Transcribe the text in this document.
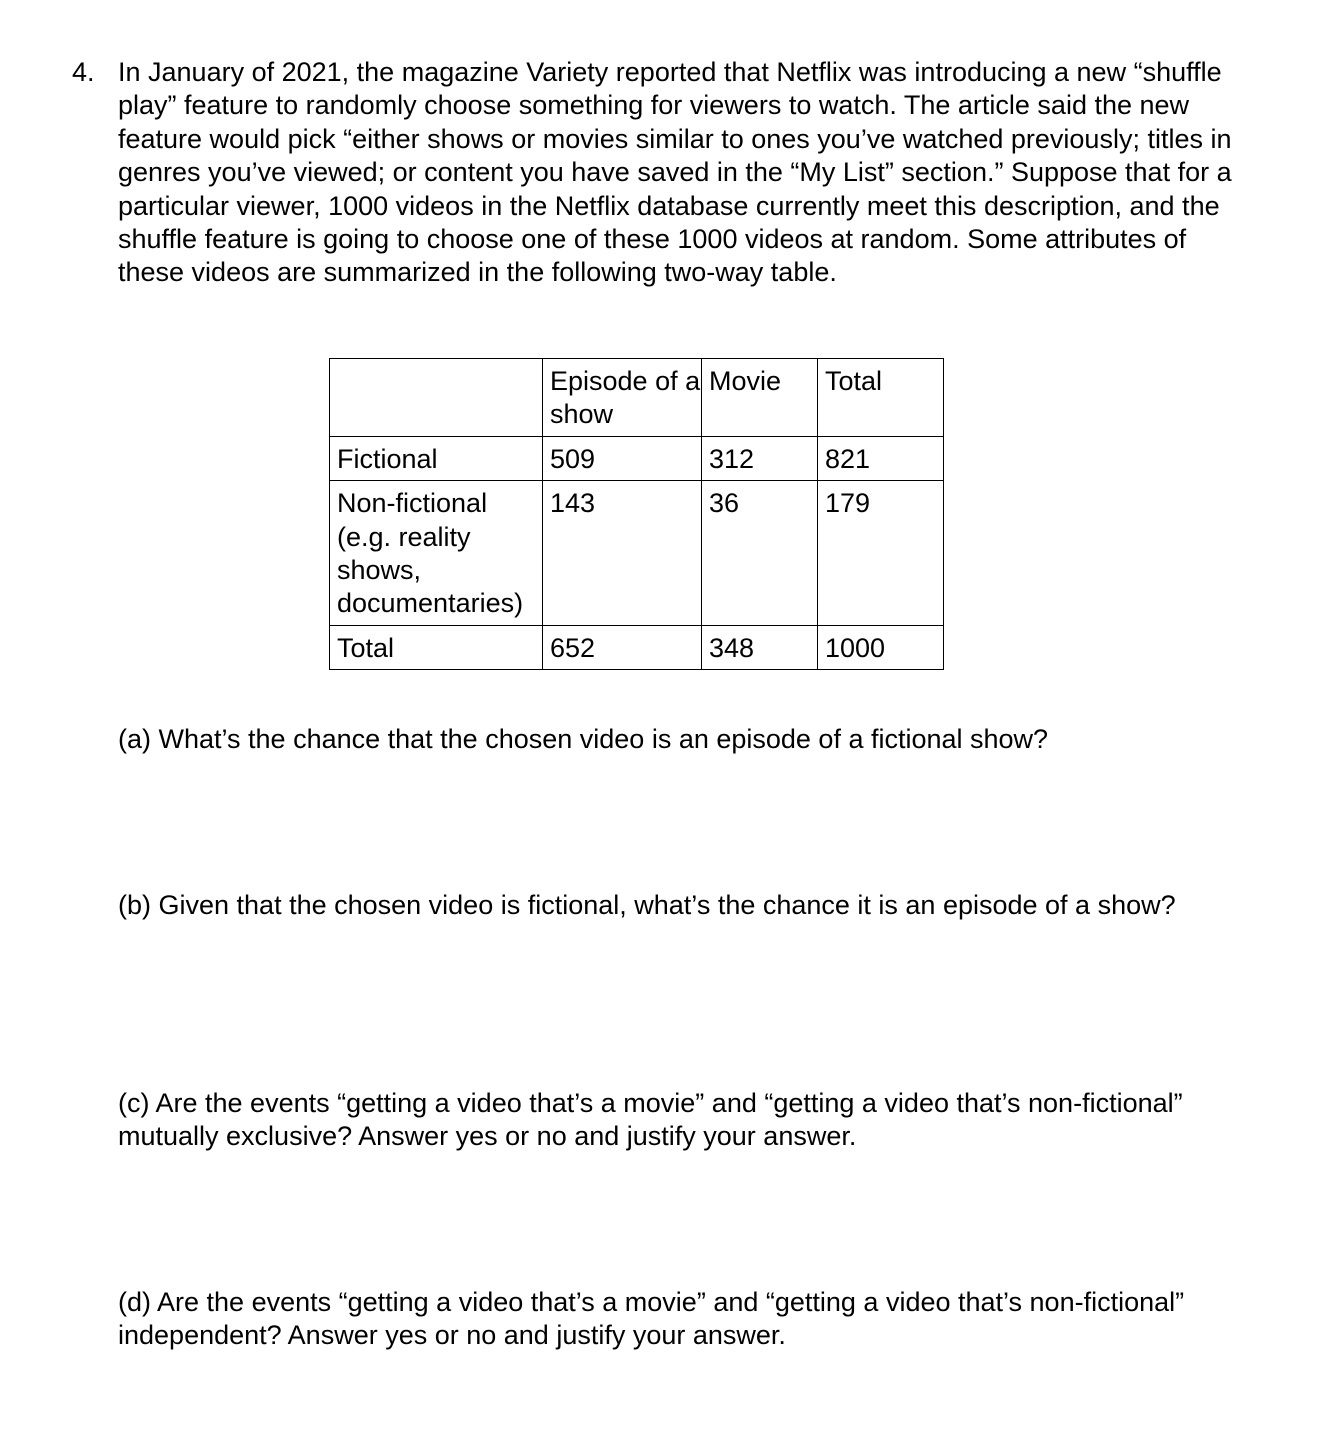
4. In January of 2021, the magazine Variety reported that Netflix was introducing a new “shuffle play” feature to randomly choose something for viewers to watch. The article said the new feature would pick “either shows or movies similar to ones you’ve watched previously; titles in genres you’ve viewed; or content you have saved in the “My List” section.” Suppose that for a particular viewer, 1000 videos in the Netflix database currently meet this description, and the shuffle feature is going to choose one of these 1000 videos at random. Some attributes of these videos are summarized in the following two-way table.

	Episode of a show	Movie	Total
Fictional	509	312	821
Non-fictional (e.g. reality shows, documentaries)	143	36	179
Total	652	348	1000

(a) What’s the chance that the chosen video is an episode of a fictional show?

(b) Given that the chosen video is fictional, what’s the chance it is an episode of a show?

(c) Are the events “getting a video that’s a movie” and “getting a video that’s non-fictional” mutually exclusive? Answer yes or no and justify your answer.

(d) Are the events “getting a video that’s a movie” and “getting a video that’s non-fictional” independent? Answer yes or no and justify your answer.
